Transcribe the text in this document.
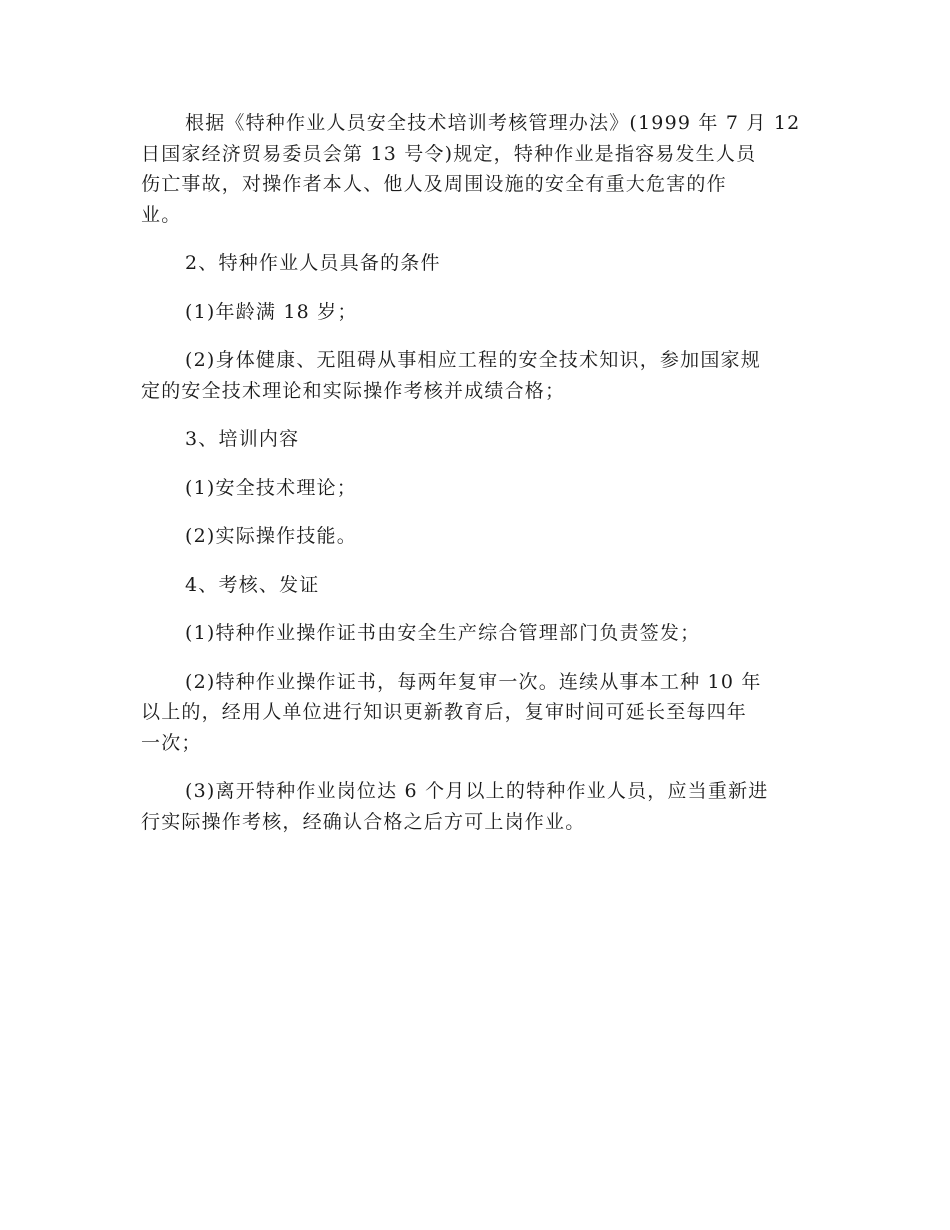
根据《特种作业人员安全技术培训考核管理办法》(1999 年 7 月 12
日国家经济贸易委员会第 13 号令)规定，特种作业是指容易发生人员
伤亡事故，对操作者本人、他人及周围设施的安全有重大危害的作
业。

2、特种作业人员具备的条件

(1)年龄满 18 岁；

(2)身体健康、无阻碍从事相应工程的安全技术知识，参加国家规
定的安全技术理论和实际操作考核并成绩合格；

3、培训内容

(1)安全技术理论；

(2)实际操作技能。

4、考核、发证

(1)特种作业操作证书由安全生产综合管理部门负责签发；

(2)特种作业操作证书，每两年复审一次。连续从事本工种 10 年
以上的，经用人单位进行知识更新教育后，复审时间可延长至每四年
一次；

(3)离开特种作业岗位达 6 个月以上的特种作业人员，应当重新进
行实际操作考核，经确认合格之后方可上岗作业。
